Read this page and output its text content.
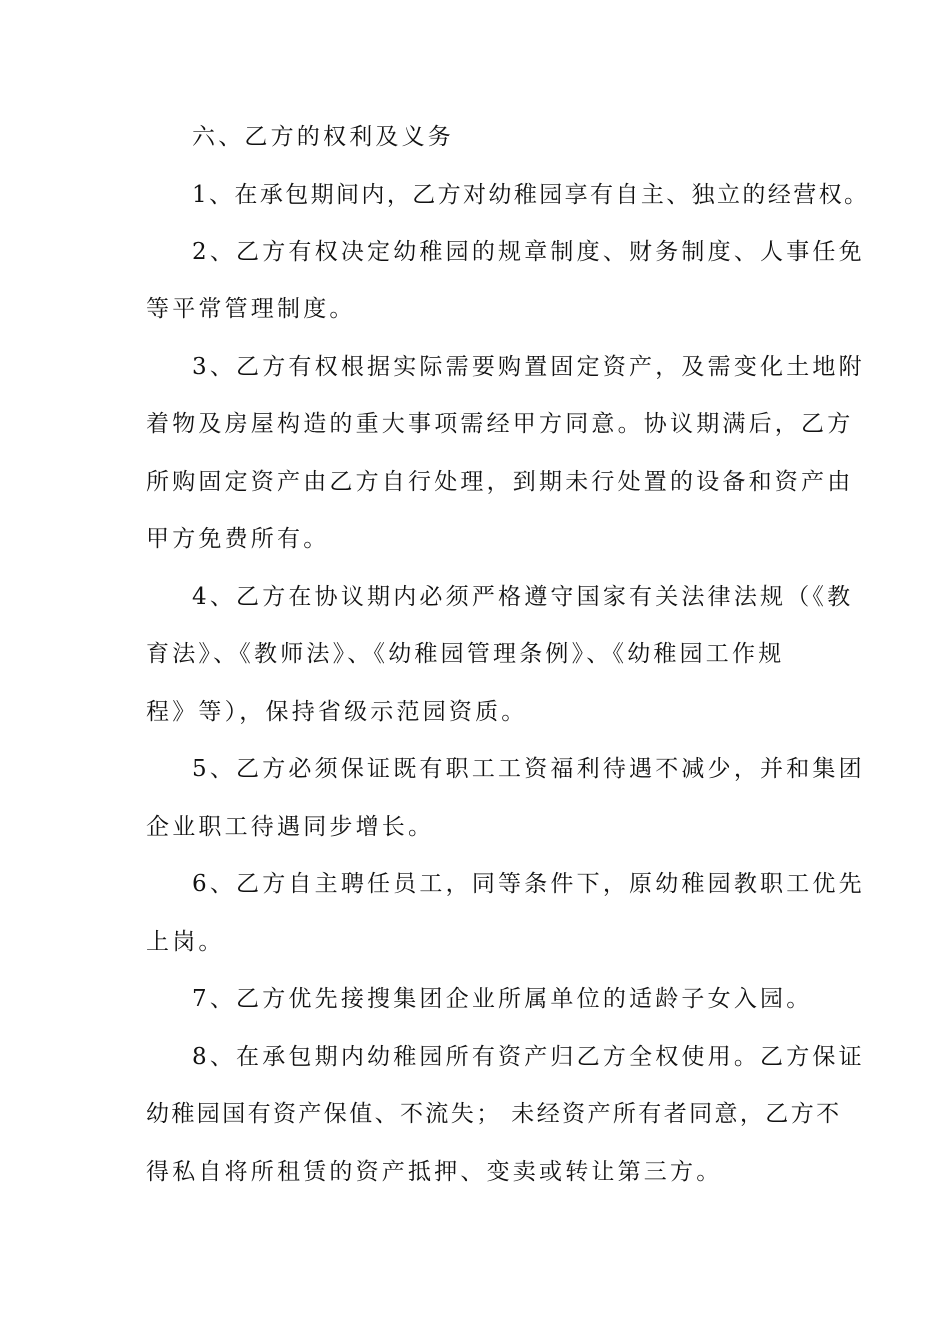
六、乙方的权利及义务
1、在承包期间内，乙方对幼稚园享有自主、独立的经营权。
2、乙方有权决定幼稚园的规章制度、财务制度、人事任免
等平常管理制度。
3、乙方有权根据实际需要购置固定资产，及需变化土地附
着物及房屋构造的重大事项需经甲方同意。协议期满后，乙方
所购固定资产由乙方自行处理，到期未行处置的设备和资产由
甲方免费所有。
4、乙方在协议期内必须严格遵守国家有关法律法规（《教
育法》、《教师法》、《幼稚园管理条例》、《幼稚园工作规
程》等），保持省级示范园资质。
5、乙方必须保证既有职工工资福利待遇不减少，并和集团
企业职工待遇同步增长。
6、乙方自主聘任员工，同等条件下，原幼稚园教职工优先
上岗。
7、乙方优先接搜集团企业所属单位的适龄子女入园。
8、在承包期内幼稚园所有资产归乙方全权使用。乙方保证
幼稚园国有资产保值、不流失； 未经资产所有者同意，乙方不
得私自将所租赁的资产抵押、变卖或转让第三方。
